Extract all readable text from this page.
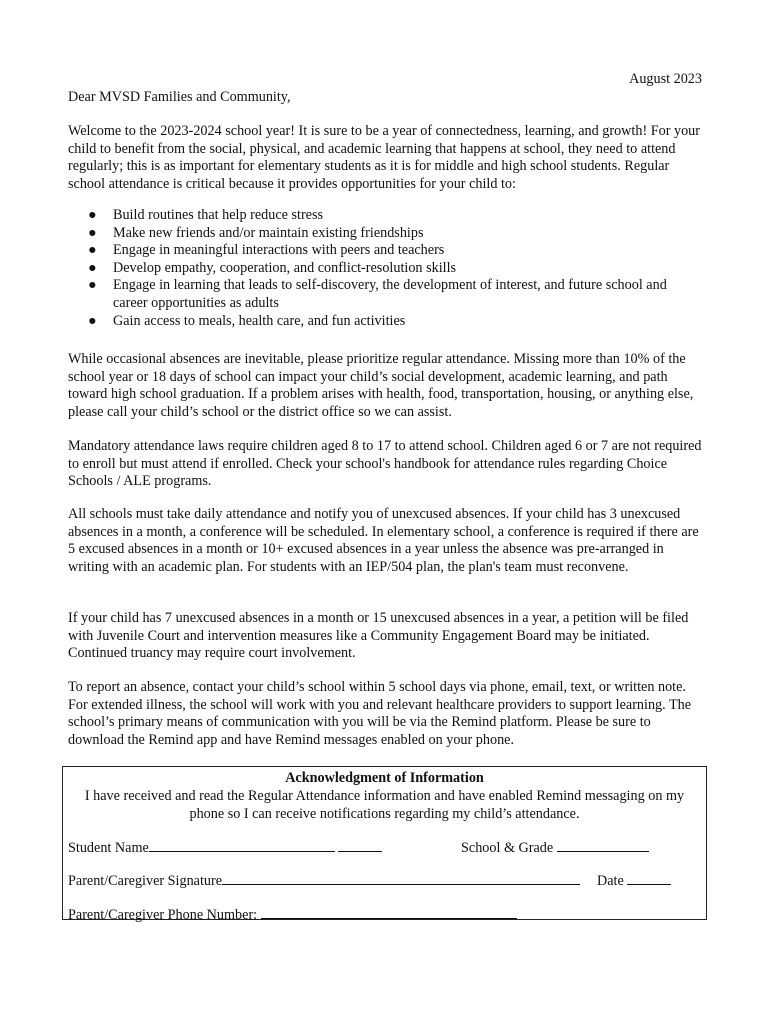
August 2023
Dear MVSD Families and Community,

Welcome to the 2023-2024 school year! It is sure to be a year of connectedness, learning, and growth! For your child to benefit from the social, physical, and academic learning that happens at school, they need to attend regularly; this is as important for elementary students as it is for middle and high school students. Regular school attendance is critical because it provides opportunities for your child to:

● Build routines that help reduce stress
● Make new friends and/or maintain existing friendships
● Engage in meaningful interactions with peers and teachers
● Develop empathy, cooperation, and conflict-resolution skills
● Engage in learning that leads to self-discovery, the development of interest, and future school and career opportunities as adults
● Gain access to meals, health care, and fun activities

While occasional absences are inevitable, please prioritize regular attendance. Missing more than 10% of the school year or 18 days of school can impact your child’s social development, academic learning, and path toward high school graduation. If a problem arises with health, food, transportation, housing, or anything else, please call your child’s school or the district office so we can assist.

Mandatory attendance laws require children aged 8 to 17 to attend school. Children aged 6 or 7 are not required to enroll but must attend if enrolled. Check your school's handbook for attendance rules regarding Choice Schools / ALE programs.

All schools must take daily attendance and notify you of unexcused absences. If your child has 3 unexcused absences in a month, a conference will be scheduled. In elementary school, a conference is required if there are 5 excused absences in a month or 10+ excused absences in a year unless the absence was pre-arranged in writing with an academic plan. For students with an IEP/504 plan, the plan's team must reconvene.

If your child has 7 unexcused absences in a month or 15 unexcused absences in a year, a petition will be filed with Juvenile Court and intervention measures like a Community Engagement Board may be initiated. Continued truancy may require court involvement.

To report an absence, contact your child’s school within 5 school days via phone, email, text, or written note. For extended illness, the school will work with you and relevant healthcare providers to support learning. The school’s primary means of communication with you will be via the Remind platform. Please be sure to download the Remind app and have Remind messages enabled on your phone.

Acknowledgment of Information
I have received and read the Regular Attendance information and have enabled Remind messaging on my phone so I can receive notifications regarding my child’s attendance.
Student Name	School & Grade
Parent/Caregiver Signature	Date
Parent/Caregiver Phone Number:
